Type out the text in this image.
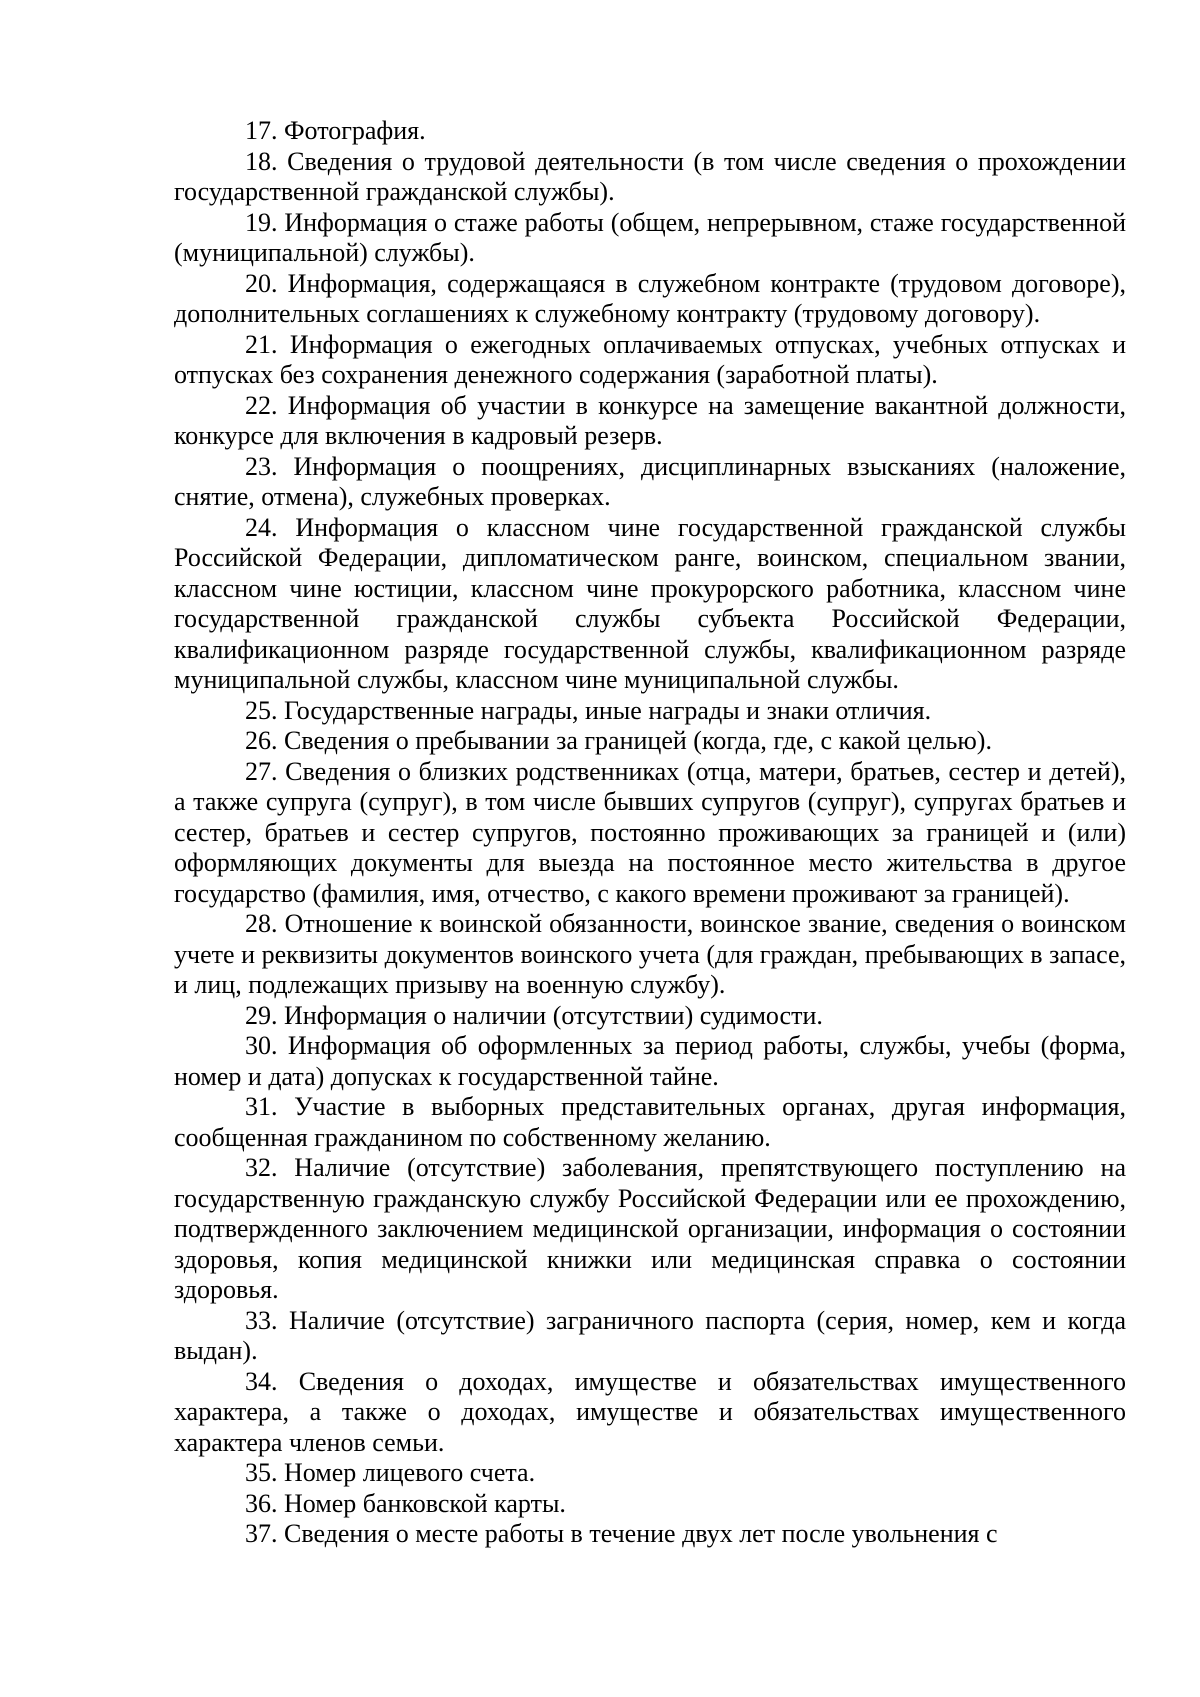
17. Фотография.

18. Сведения о трудовой деятельности (в том числе сведения о прохождении государственной гражданской службы).

19. Информация о стаже работы (общем, непрерывном, стаже государственной (муниципальной) службы).

20. Информация, содержащаяся в служебном контракте (трудовом договоре), дополнительных соглашениях к служебному контракту (трудовому договору).

21. Информация о ежегодных оплачиваемых отпусках, учебных отпусках и отпусках без сохранения денежного содержания (заработной платы).

22. Информация об участии в конкурсе на замещение вакантной должности, конкурсе для включения в кадровый резерв.

23. Информация о поощрениях, дисциплинарных взысканиях (наложение, снятие, отмена), служебных проверках.

24. Информация о классном чине государственной гражданской службы Российской Федерации, дипломатическом ранге, воинском, специальном звании, классном чине юстиции, классном чине прокурорского работника, классном чине государственной гражданской службы субъекта Российской Федерации, квалификационном разряде государственной службы, квалификационном разряде муниципальной службы, классном чине муниципальной службы.

25. Государственные награды, иные награды и знаки отличия.

26. Сведения о пребывании за границей (когда, где, с какой целью).

27. Сведения о близких родственниках (отца, матери, братьев, сестер и детей), а также супруга (супруг), в том числе бывших супругов (супруг), супругах братьев и сестер, братьев и сестер супругов, постоянно проживающих за границей и (или) оформляющих документы для выезда на постоянное место жительства в другое государство (фамилия, имя, отчество, с какого времени проживают за границей).

28. Отношение к воинской обязанности, воинское звание, сведения о воинском учете и реквизиты документов воинского учета (для граждан, пребывающих в запасе, и лиц, подлежащих призыву на военную службу).

29. Информация о наличии (отсутствии) судимости.

30. Информация об оформленных за период работы, службы, учебы (форма, номер и дата) допусках к государственной тайне.

31. Участие в выборных представительных органах, другая информация, сообщенная гражданином по собственному желанию.

32. Наличие (отсутствие) заболевания, препятствующего поступлению на государственную гражданскую службу Российской Федерации или ее прохождению, подтвержденного заключением медицинской организации, информация о состоянии здоровья, копия медицинской книжки или медицинская справка о состоянии здоровья.

33. Наличие (отсутствие) заграничного паспорта (серия, номер, кем и когда выдан).

34. Сведения о доходах, имуществе и обязательствах имущественного характера, а также о доходах, имуществе и обязательствах имущественного характера членов семьи.

35. Номер лицевого счета.

36. Номер банковской карты.

37. Сведения о месте работы в течение двух лет после увольнения с
